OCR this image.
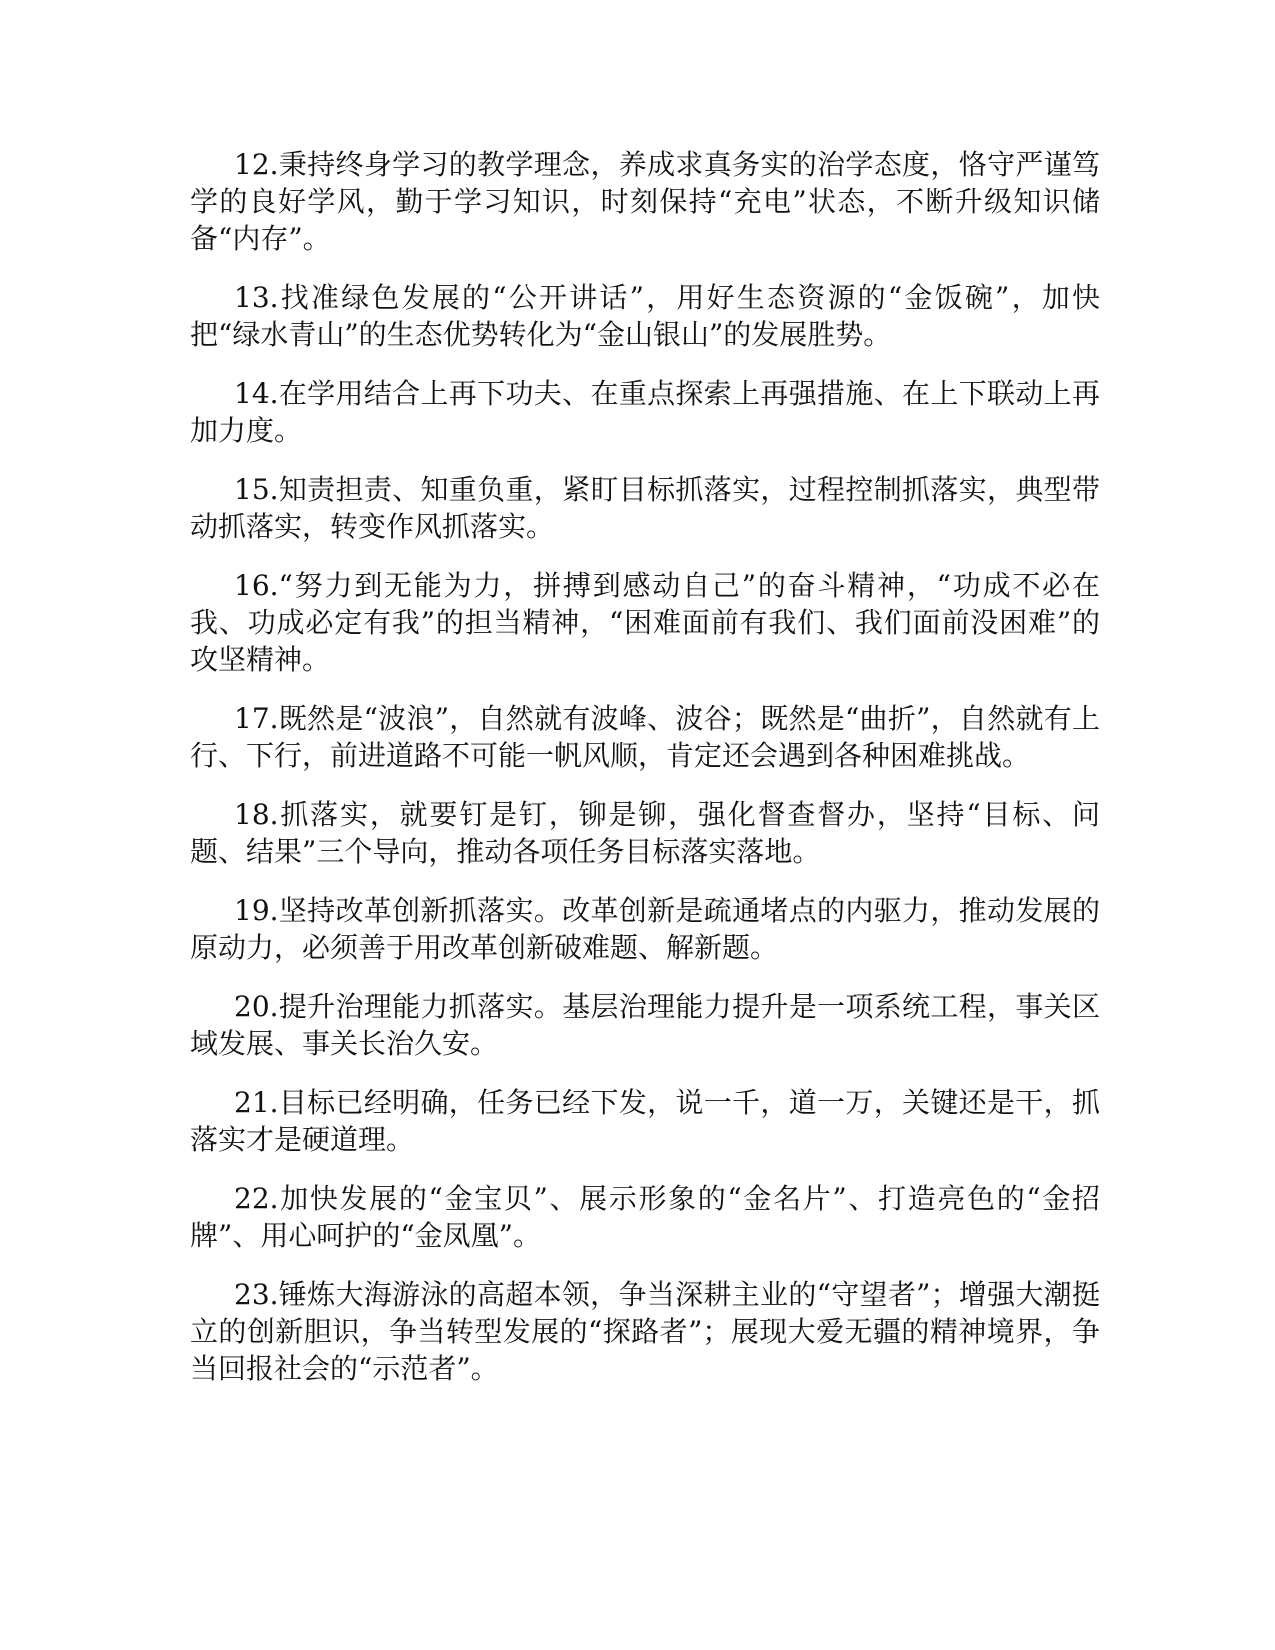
12.秉持终身学习的教学理念，养成求真务实的治学态度，恪守严谨笃学的良好学风，勤于学习知识，时刻保持“充电”状态，不断升级知识储备“内存”。

13.找准绿色发展的“公开讲话”，用好生态资源的“金饭碗”，加快把“绿水青山”的生态优势转化为“金山银山”的发展胜势。

14.在学用结合上再下功夫、在重点探索上再强措施、在上下联动上再加力度。

15.知责担责、知重负重，紧盯目标抓落实，过程控制抓落实，典型带动抓落实，转变作风抓落实。

16.“努力到无能为力，拼搏到感动自己”的奋斗精神，“功成不必在我、功成必定有我”的担当精神，“困难面前有我们、我们面前没困难”的攻坚精神。

17.既然是“波浪”，自然就有波峰、波谷；既然是“曲折”，自然就有上行、下行，前进道路不可能一帆风顺，肯定还会遇到各种困难挑战。

18.抓落实，就要钉是钉，铆是铆，强化督查督办，坚持“目标、问题、结果”三个导向，推动各项任务目标落实落地。

19.坚持改革创新抓落实。改革创新是疏通堵点的内驱力，推动发展的原动力，必须善于用改革创新破难题、解新题。

20.提升治理能力抓落实。基层治理能力提升是一项系统工程，事关区域发展、事关长治久安。

21.目标已经明确，任务已经下发，说一千，道一万，关键还是干，抓落实才是硬道理。

22.加快发展的“金宝贝”、展示形象的“金名片”、打造亮色的“金招牌”、用心呵护的“金凤凰”。

23.锤炼大海游泳的高超本领，争当深耕主业的“守望者”；增强大潮挺立的创新胆识，争当转型发展的“探路者”；展现大爱无疆的精神境界，争当回报社会的“示范者”。
